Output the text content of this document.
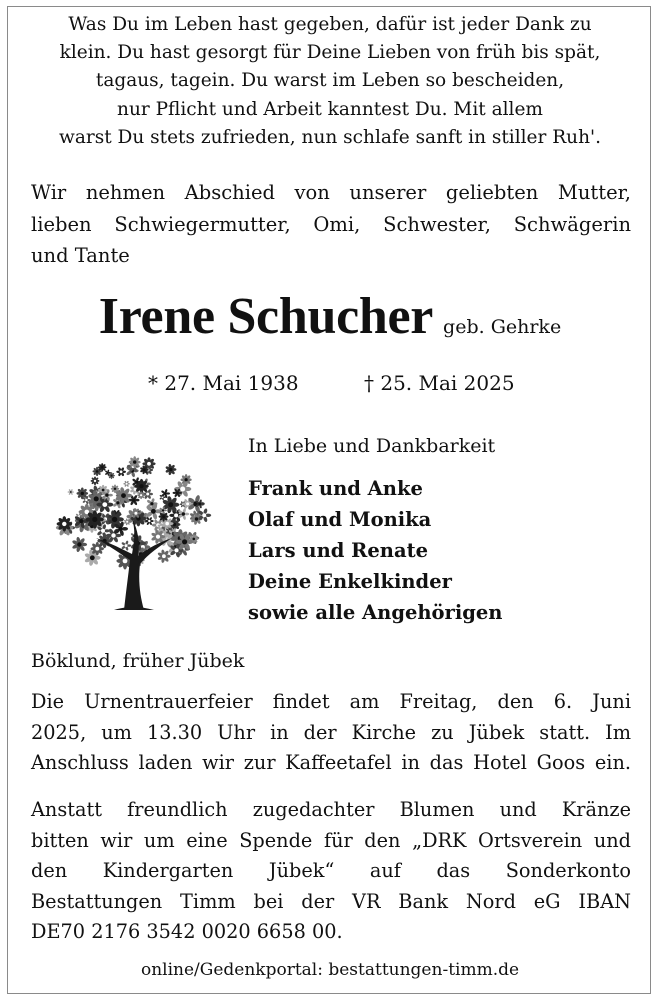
Was Du im Leben hast gegeben, dafür ist jeder Dank zu
klein. Du hast gesorgt für Deine Lieben von früh bis spät,
tagaus, tagein. Du warst im Leben so bescheiden,
nur Pflicht und Arbeit kanntest Du. Mit allem
warst Du stets zufrieden, nun schlafe sanft in stiller Ruh'.
Wir nehmen Abschied von unserer geliebten Mutter,
lieben Schwiegermutter, Omi, Schwester, Schwägerin
und Tante
Irene Schucher geb. Gehrke
* 27. Mai 1938	† 25. Mai 2025
In Liebe und Dankbarkeit
Frank und Anke
Olaf und Monika
Lars und Renate
Deine Enkelkinder
sowie alle Angehörigen
Böklund, früher Jübek
Die Urnentrauerfeier findet am Freitag, den 6. Juni
2025, um 13.30 Uhr in der Kirche zu Jübek statt. Im
Anschluss laden wir zur Kaffeetafel in das Hotel Goos ein.
Anstatt freundlich zugedachter Blumen und Kränze
bitten wir um eine Spende für den „DRK Ortsverein und
den Kindergarten Jübek“ auf das Sonderkonto
Bestattungen Timm bei der VR Bank Nord eG IBAN
DE70 2176 3542 0020 6658 00.
online/Gedenkportal: bestattungen-timm.de
